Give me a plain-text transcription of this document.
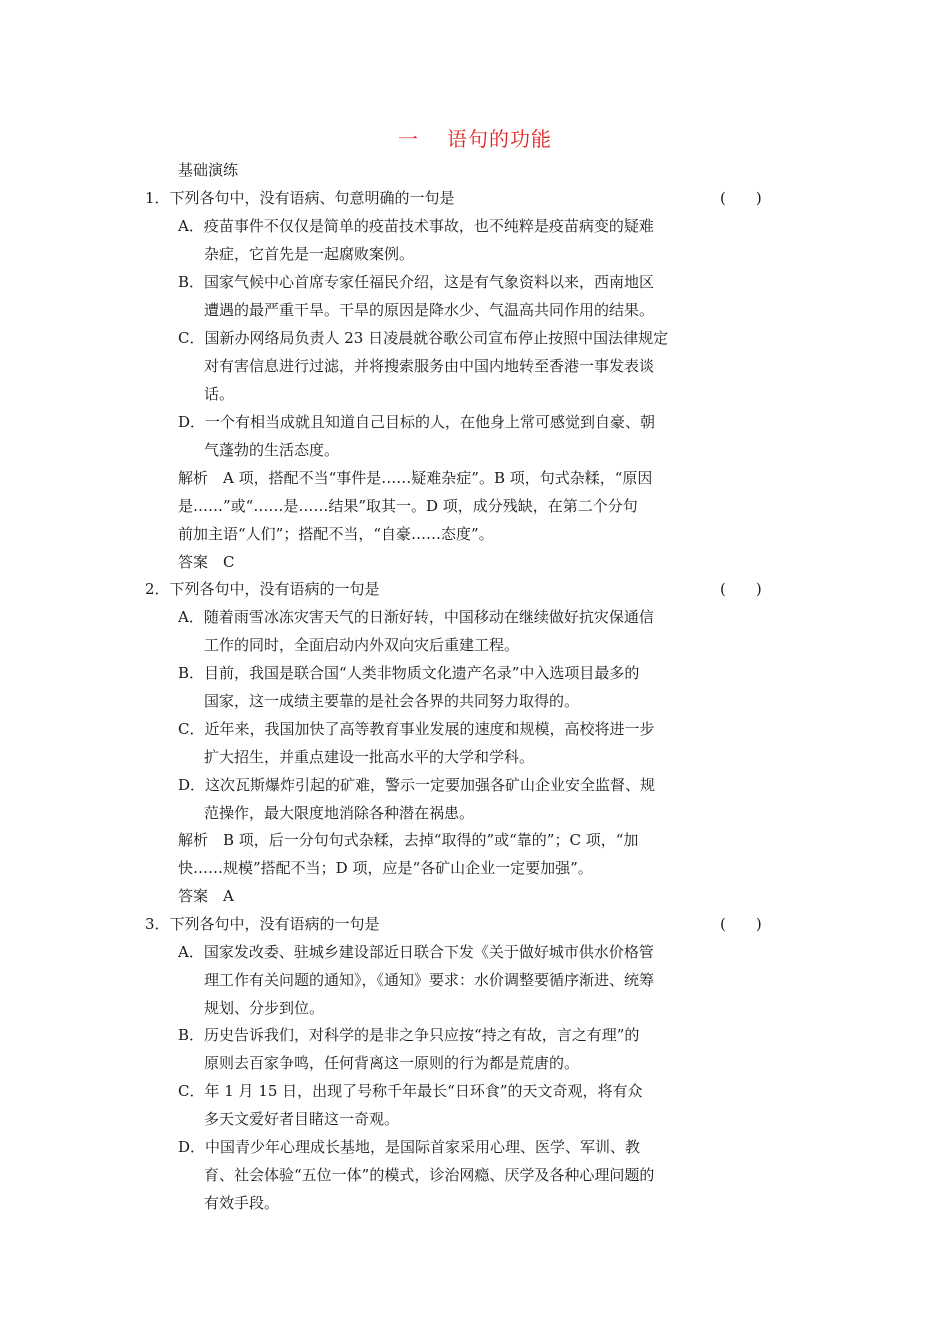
一 语句的功能
基础演练
1．下列各句中，没有语病、句意明确的一句是	(　　)
A．疫苗事件不仅仅是简单的疫苗技术事故，也不纯粹是疫苗病变的疑难
杂症，它首先是一起腐败案例。
B．国家气候中心首席专家任福民介绍，这是有气象资料以来，西南地区
遭遇的最严重干旱。干旱的原因是降水少、气温高共同作用的结果。
C．国新办网络局负责人 23 日凌晨就谷歌公司宣布停止按照中国法律规定
对有害信息进行过滤，并将搜索服务由中国内地转至香港一事发表谈
话。
D．一个有相当成就且知道自己目标的人，在他身上常可感觉到自豪、朝
气蓬勃的生活态度。
解析　A 项，搭配不当“事件是……疑难杂症”。B 项，句式杂糅，“原因
是……”或“……是……结果”取其一。D 项，成分残缺，在第二个分句
前加主语“人们”；搭配不当，“自豪……态度”。
答案　C
2．下列各句中，没有语病的一句是	(　　)
A．随着雨雪冰冻灾害天气的日渐好转，中国移动在继续做好抗灾保通信
工作的同时，全面启动内外双向灾后重建工程。
B．目前，我国是联合国“人类非物质文化遗产名录”中入选项目最多的
国家，这一成绩主要靠的是社会各界的共同努力取得的。
C．近年来，我国加快了高等教育事业发展的速度和规模，高校将进一步
扩大招生，并重点建设一批高水平的大学和学科。
D．这次瓦斯爆炸引起的矿难，警示一定要加强各矿山企业安全监督、规
范操作，最大限度地消除各种潜在祸患。
解析　B 项，后一分句句式杂糅，去掉“取得的”或“靠的”；C 项，“加
快……规模”搭配不当；D 项，应是“各矿山企业一定要加强”。
答案　A
3．下列各句中，没有语病的一句是	(　　)
A．国家发改委、驻城乡建设部近日联合下发《关于做好城市供水价格管
理工作有关问题的通知》，《通知》要求：水价调整要循序渐进、统筹
规划、分步到位。
B．历史告诉我们，对科学的是非之争只应按“持之有故，言之有理”的
原则去百家争鸣，任何背离这一原则的行为都是荒唐的。
C．年 1 月 15 日，出现了号称千年最长“日环食”的天文奇观，将有众
多天文爱好者目睹这一奇观。
D．中国青少年心理成长基地，是国际首家采用心理、医学、军训、教
育、社会体验“五位一体”的模式，诊治网瘾、厌学及各种心理问题的
有效手段。
